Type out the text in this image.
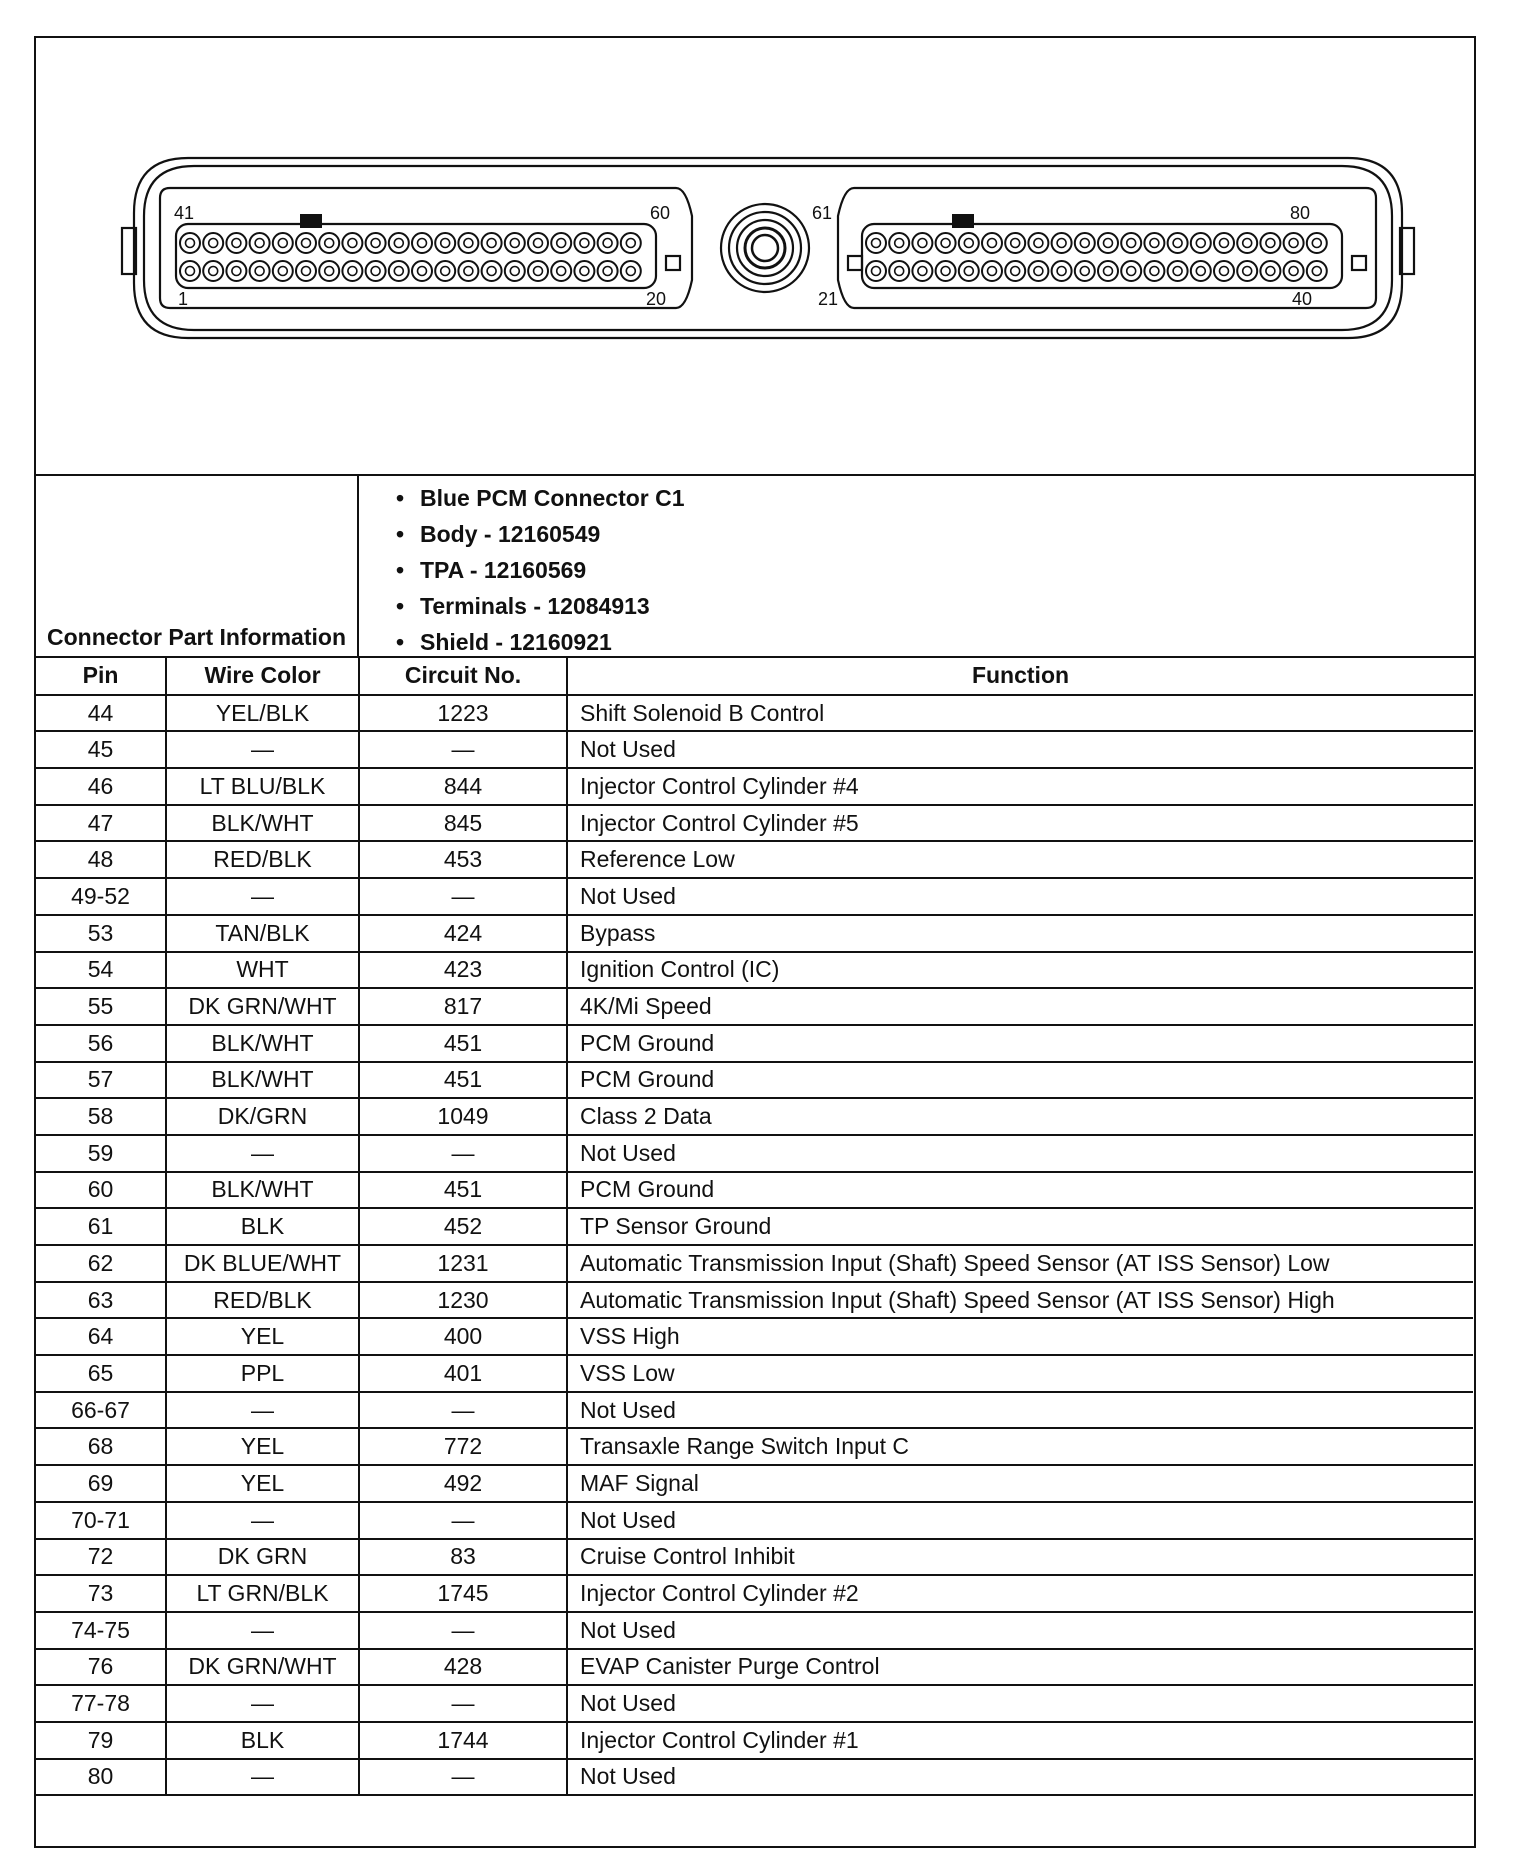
41	60
1	20
61	80
21	40
Connector Part Information
• Blue PCM Connector C1
• Body - 12160549
• TPA - 12160569
• Terminals - 12084913
• Shield - 12160921
Pin	Wire Color	Circuit No.	Function
44	YEL/BLK	1223	Shift Solenoid B Control
45	—	—	Not Used
46	LT BLU/BLK	844	Injector Control Cylinder #4
47	BLK/WHT	845	Injector Control Cylinder #5
48	RED/BLK	453	Reference Low
49-52	—	—	Not Used
53	TAN/BLK	424	Bypass
54	WHT	423	Ignition Control (IC)
55	DK GRN/WHT	817	4K/Mi Speed
56	BLK/WHT	451	PCM Ground
57	BLK/WHT	451	PCM Ground
58	DK/GRN	1049	Class 2 Data
59	—	—	Not Used
60	BLK/WHT	451	PCM Ground
61	BLK	452	TP Sensor Ground
62	DK BLUE/WHT	1231	Automatic Transmission Input (Shaft) Speed Sensor (AT ISS Sensor) Low
63	RED/BLK	1230	Automatic Transmission Input (Shaft) Speed Sensor (AT ISS Sensor) High
64	YEL	400	VSS High
65	PPL	401	VSS Low
66-67	—	—	Not Used
68	YEL	772	Transaxle Range Switch Input C
69	YEL	492	MAF Signal
70-71	—	—	Not Used
72	DK GRN	83	Cruise Control Inhibit
73	LT GRN/BLK	1745	Injector Control Cylinder #2
74-75	—	—	Not Used
76	DK GRN/WHT	428	EVAP Canister Purge Control
77-78	—	—	Not Used
79	BLK	1744	Injector Control Cylinder #1
80	—	—	Not Used
